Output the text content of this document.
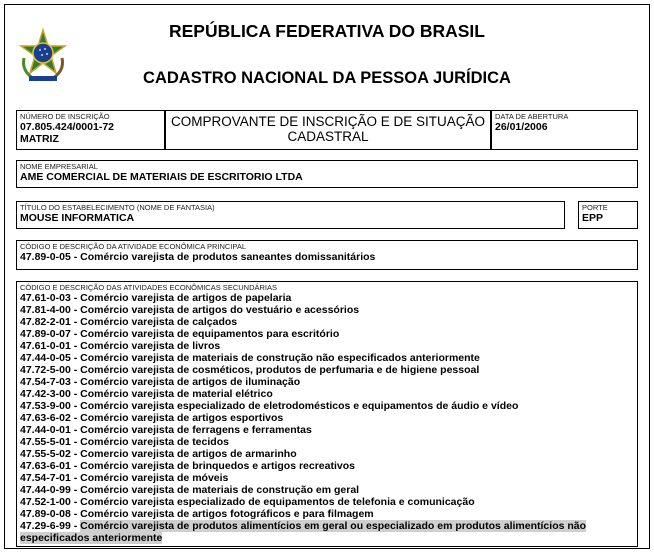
REPÚBLICA FEDERATIVA DO BRASIL
CADASTRO NACIONAL DA PESSOA JURÍDICA
NÚMERO DE INSCRIÇÃO
07.805.424/0001-72
MATRIZ
COMPROVANTE DE INSCRIÇÃO E DE SITUAÇÃO
CADASTRAL
DATA DE ABERTURA
26/01/2006
NOME EMPRESARIAL
AME COMERCIAL DE MATERIAIS DE ESCRITORIO LTDA
TÍTULO DO ESTABELECIMENTO (NOME DE FANTASIA)
MOUSE INFORMATICA
PORTE
EPP
CÓDIGO E DESCRIÇÃO DA ATIVIDADE ECONÔMICA PRINCIPAL
47.89-0-05 - Comércio varejista de produtos saneantes domissanitários
CÓDIGO E DESCRIÇÃO DAS ATIVIDADES ECONÔMICAS SECUNDÁRIAS
47.61-0-03 - Comércio varejista de artigos de papelaria
47.81-4-00 - Comércio varejista de artigos do vestuário e acessórios
47.82-2-01 - Comércio varejista de calçados
47.89-0-07 - Comércio varejista de equipamentos para escritório
47.61-0-01 - Comércio varejista de livros
47.44-0-05 - Comércio varejista de materiais de construção não especificados anteriormente
47.72-5-00 - Comércio varejista de cosméticos, produtos de perfumaria e de higiene pessoal
47.54-7-03 - Comércio varejista de artigos de iluminação
47.42-3-00 - Comércio varejista de material elétrico
47.53-9-00 - Comércio varejista especializado de eletrodomésticos e equipamentos de áudio e vídeo
47.63-6-02 - Comércio varejista de artigos esportivos
47.44-0-01 - Comércio varejista de ferragens e ferramentas
47.55-5-01 - Comércio varejista de tecidos
47.55-5-02 - Comercio varejista de artigos de armarinho
47.63-6-01 - Comércio varejista de brinquedos e artigos recreativos
47.54-7-01 - Comércio varejista de móveis
47.44-0-99 - Comércio varejista de materiais de construção em geral
47.52-1-00 - Comércio varejista especializado de equipamentos de telefonia e comunicação
47.89-0-08 - Comércio varejista de artigos fotográficos e para filmagem
47.29-6-99 - Comércio varejista de produtos alimentícios em geral ou especializado em produtos alimentícios não
especificados anteriormente
